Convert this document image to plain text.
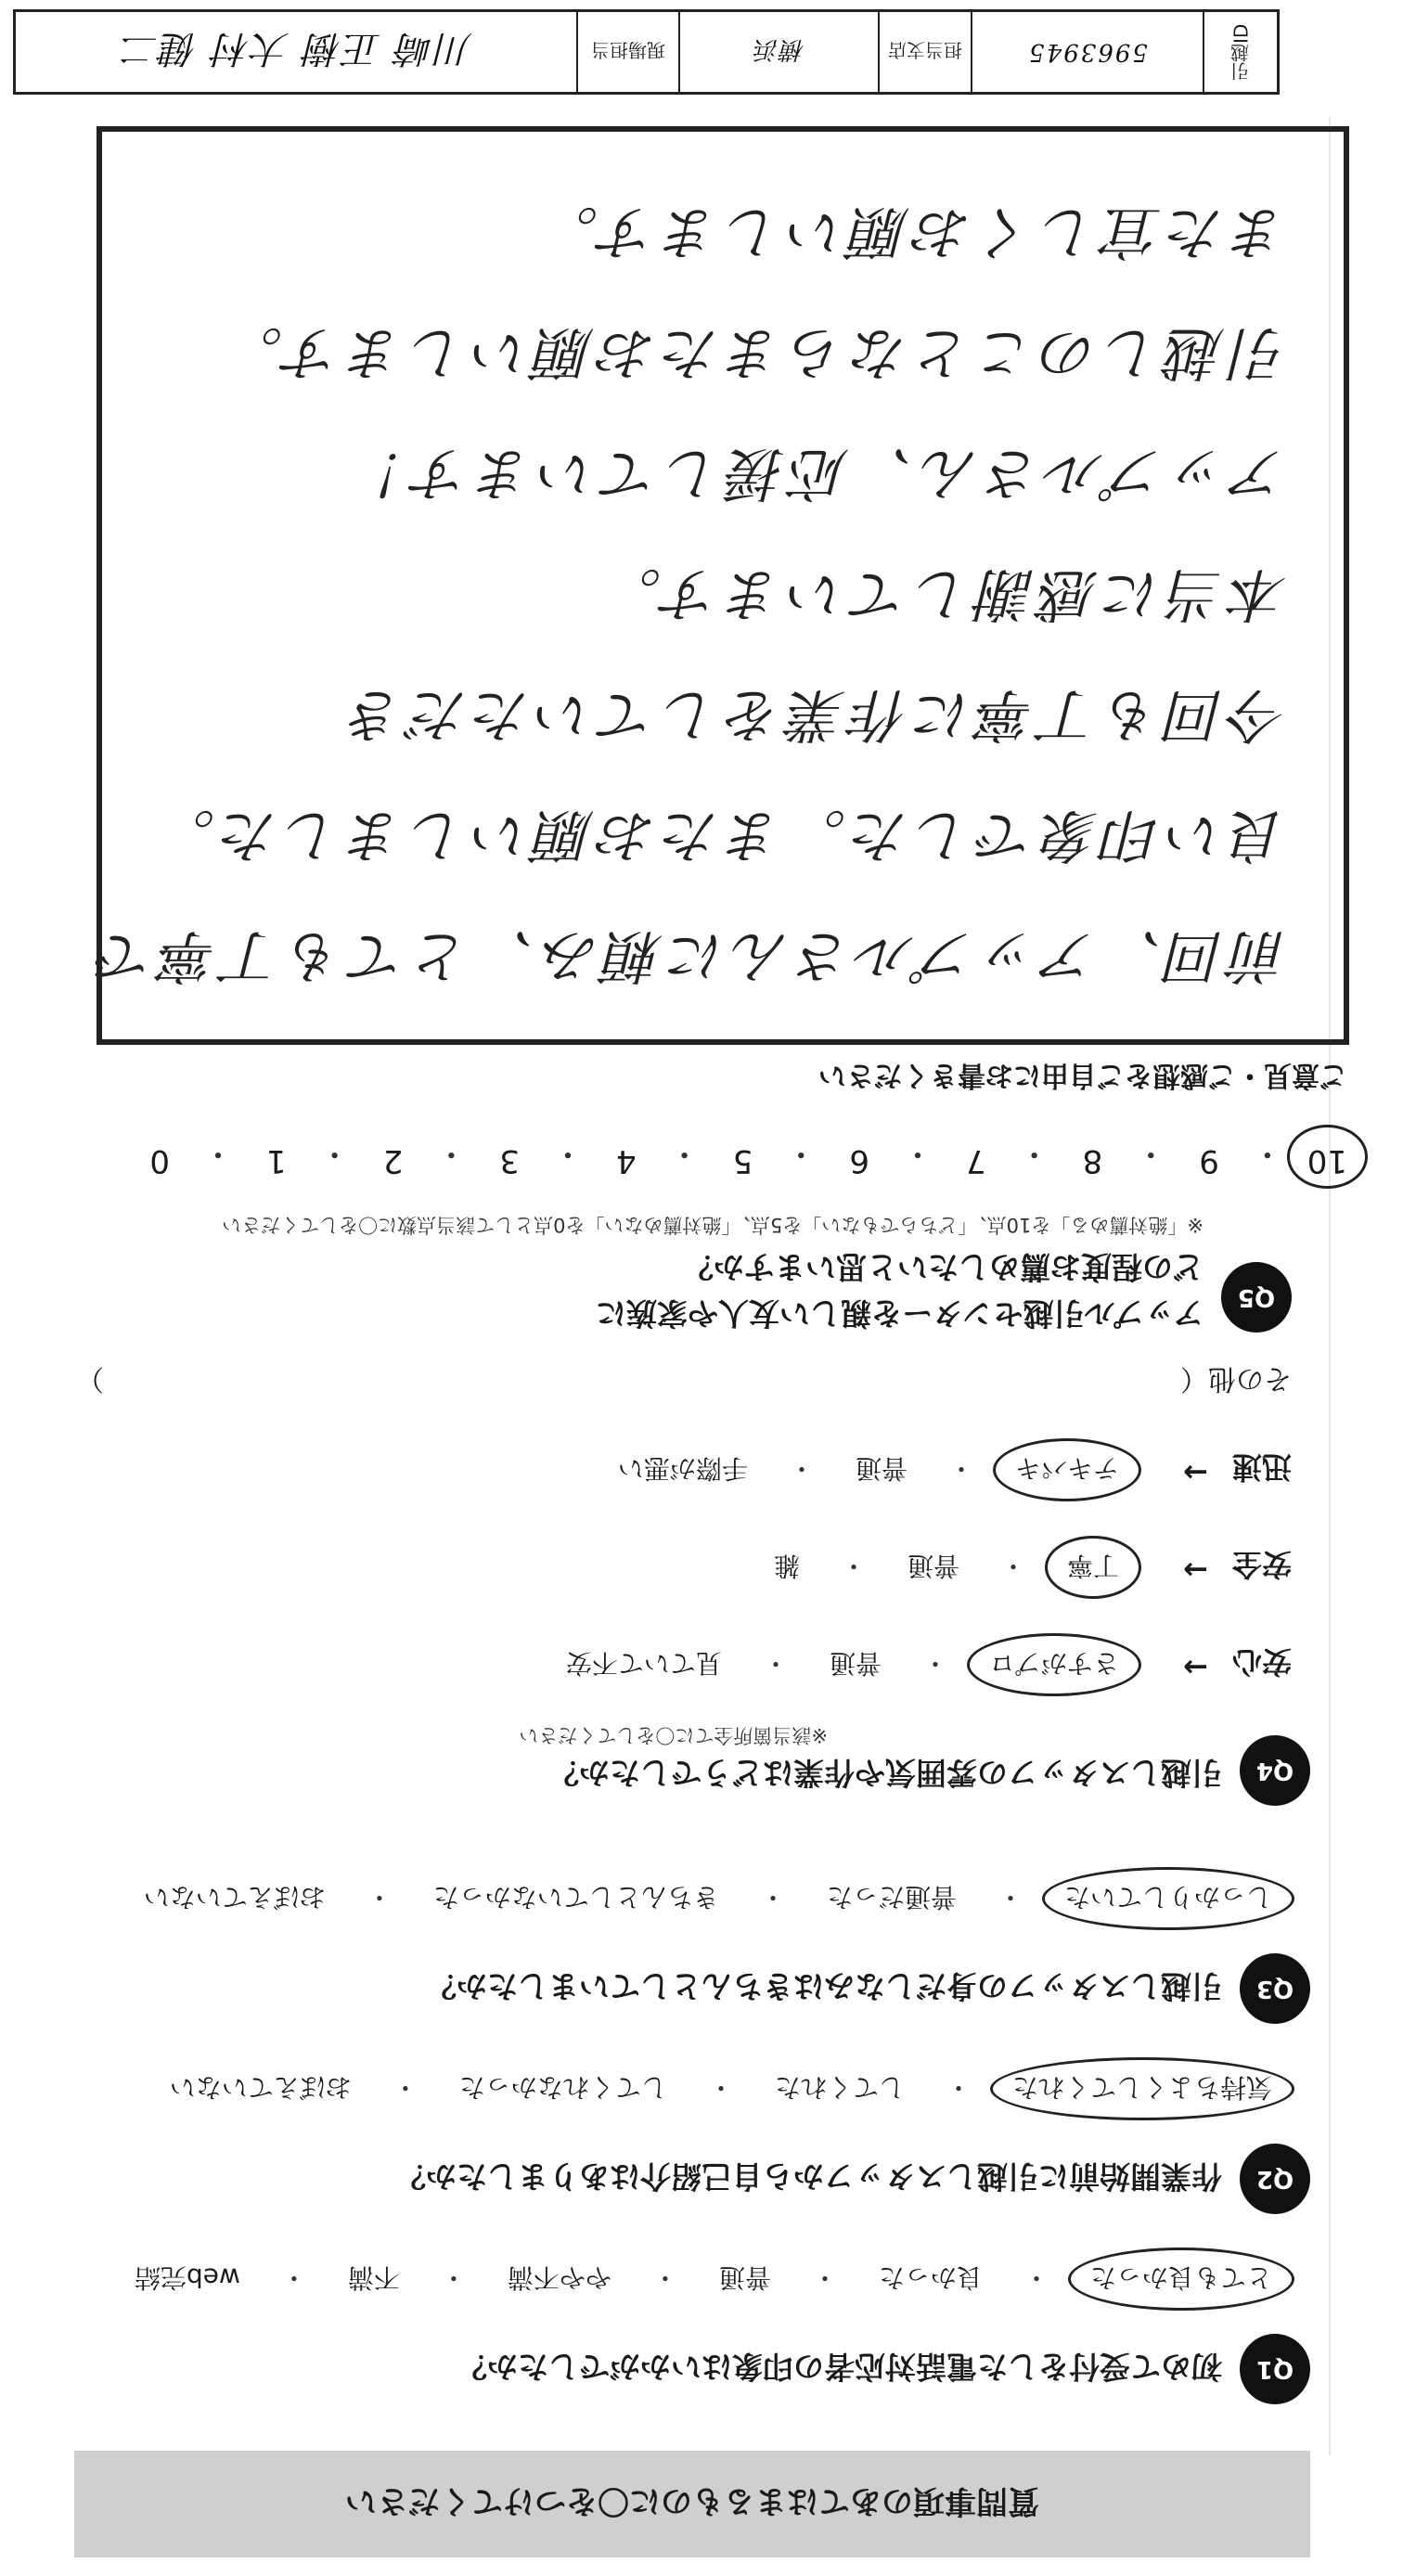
質問事項のあてはまるものに〇をつけてください
Q1
初めて受付をした電話対応者の印象はいかがでしたか？
とても良かった
・
良かった
・
普通
・
やや不満
・
不満
・
web完結
Q2
作業開始前に引越しスタッフから自己紹介はありましたか？
気持ちよくしてくれた
・
してくれた
・
してくれなかった
・
おぼえていない
Q3
引越しスタッフの身だしなみはきちんとしていましたか？
しっかりしていた
・
普通だった
・
きちんとしていなかった
・
おぼえていない
Q4
引越しスタッフの雰囲気や作業はどうでしたか？
※該当箇所全てに〇をしてください
安心
→
さすがプロ
・
普通
・
見ていて不安
安全
→
丁寧
・
普通
・
雑
迅速
→
テキパキ
・
普通
・
手際が悪い
その他（
）
Q5
アップル引越センターを親しい友人や家族に
どの程度お薦めしたいと思いますか？
※「絶対薦める」を10点、「どちらでもない」を5点、「絶対薦めない」を0点として該当点数に〇をしてください
10
・
9
・
8
・
7
・
6
・
5
・
4
・
3
・
2
・
1
・
0
ご意見・ご感想をご自由にお書きください
前回、アップルさんに頼み、とても丁寧で
良い印象でした。またお願いしました。
今回も丁寧に作業をしていただき
本当に感謝しています。
アップルさん、応援しています！
引越しのことならまたお願いします。
また宜しくお願いします。
引越ID
5963945
担当支店
横浜
現場担当
川崎 正樹 大村 健二
